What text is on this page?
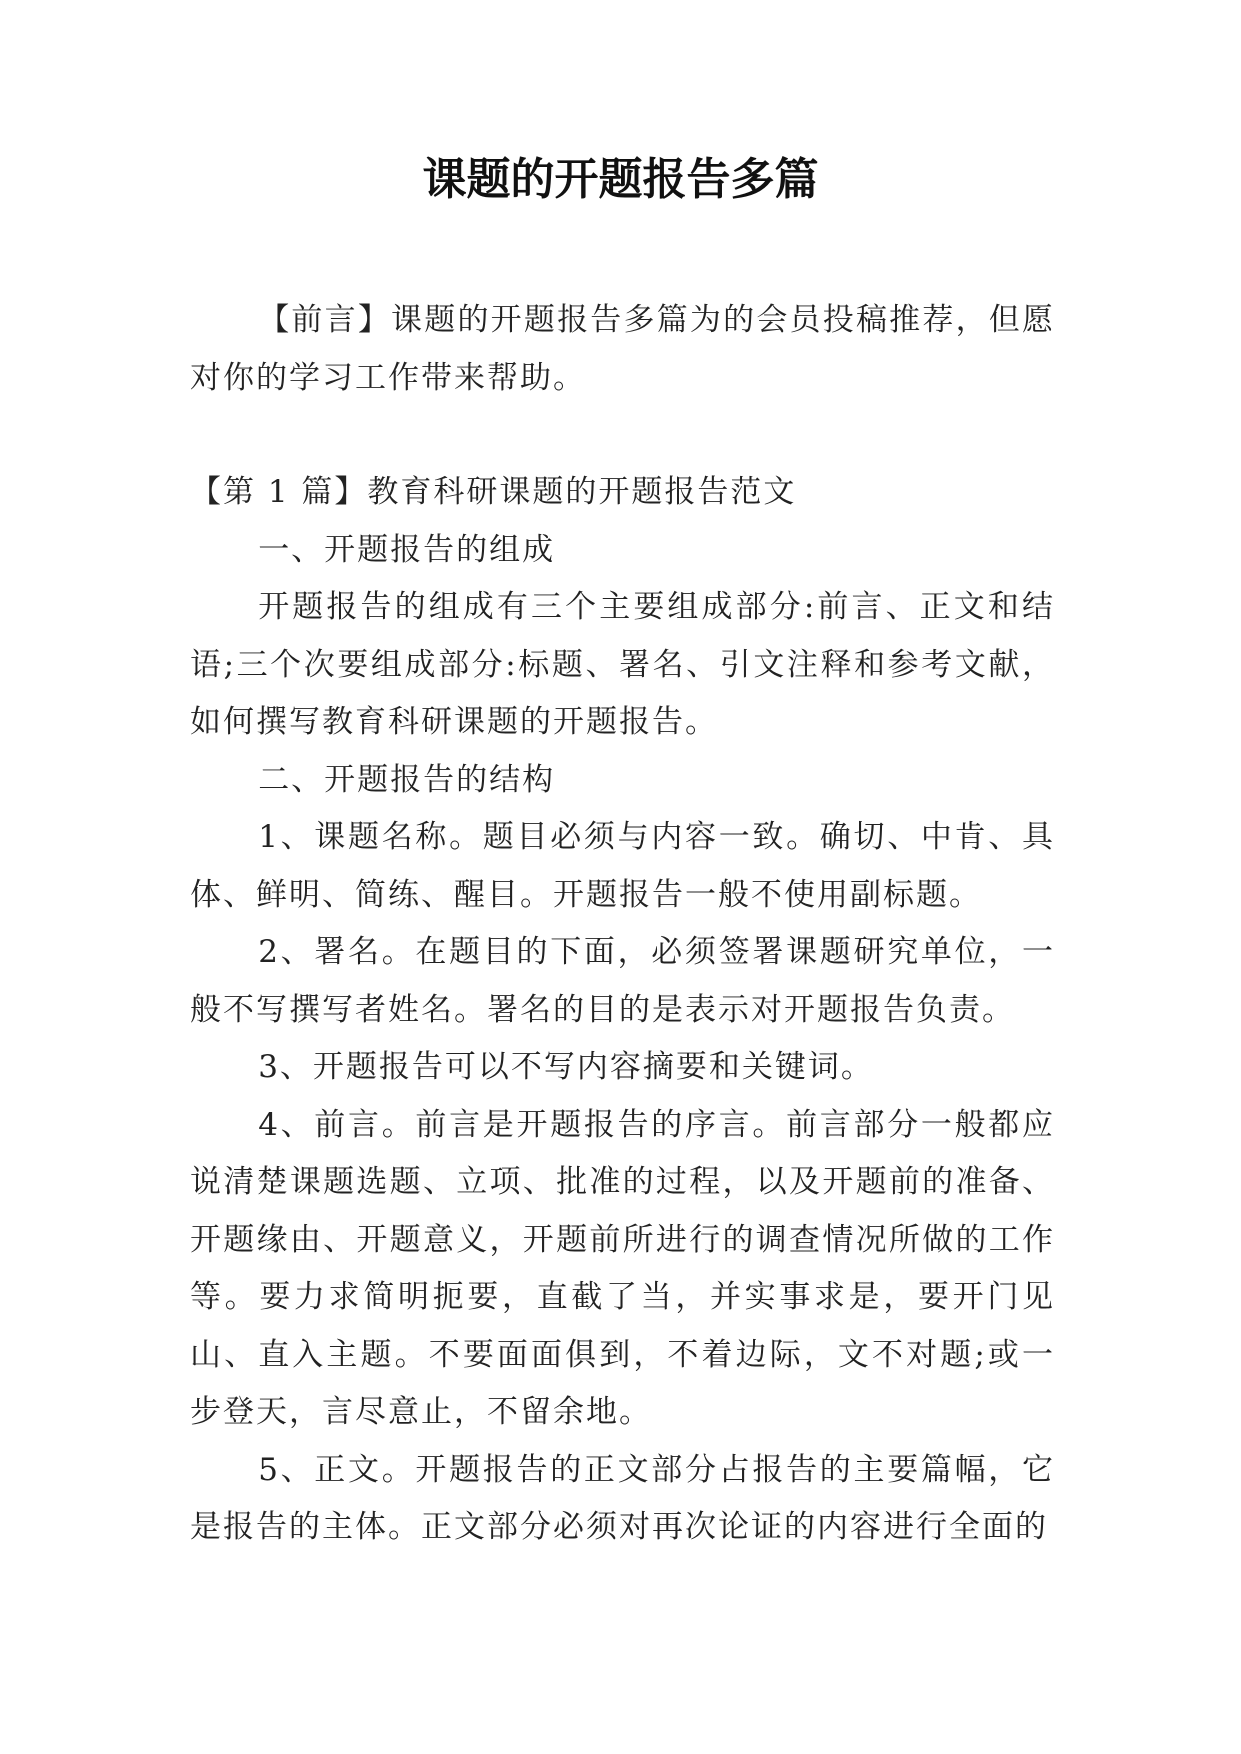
课题的开题报告多篇

【前言】课题的开题报告多篇为的会员投稿推荐，但愿对你的学习工作带来帮助。

【第 1 篇】教育科研课题的开题报告范文

一、开题报告的组成

开题报告的组成有三个主要组成部分:前言、正文和结语;三个次要组成部分:标题、署名、引文注释和参考文献，如何撰写教育科研课题的开题报告。

二、开题报告的结构

1、课题名称。题目必须与内容一致。确切、中肯、具体、鲜明、简练、醒目。开题报告一般不使用副标题。

2、署名。在题目的下面，必须签署课题研究单位，一般不写撰写者姓名。署名的目的是表示对开题报告负责。

3、开题报告可以不写内容摘要和关键词。

4、前言。前言是开题报告的序言。前言部分一般都应说清楚课题选题、立项、批准的过程，以及开题前的准备、开题缘由、开题意义，开题前所进行的调查情况所做的工作等。要力求简明扼要，直截了当，并实事求是，要开门见山、直入主题。不要面面俱到，不着边际，文不对题;或一步登天，言尽意止，不留余地。

5、正文。开题报告的正文部分占报告的主要篇幅，它是报告的主体。正文部分必须对再次论证的内容进行全面的
